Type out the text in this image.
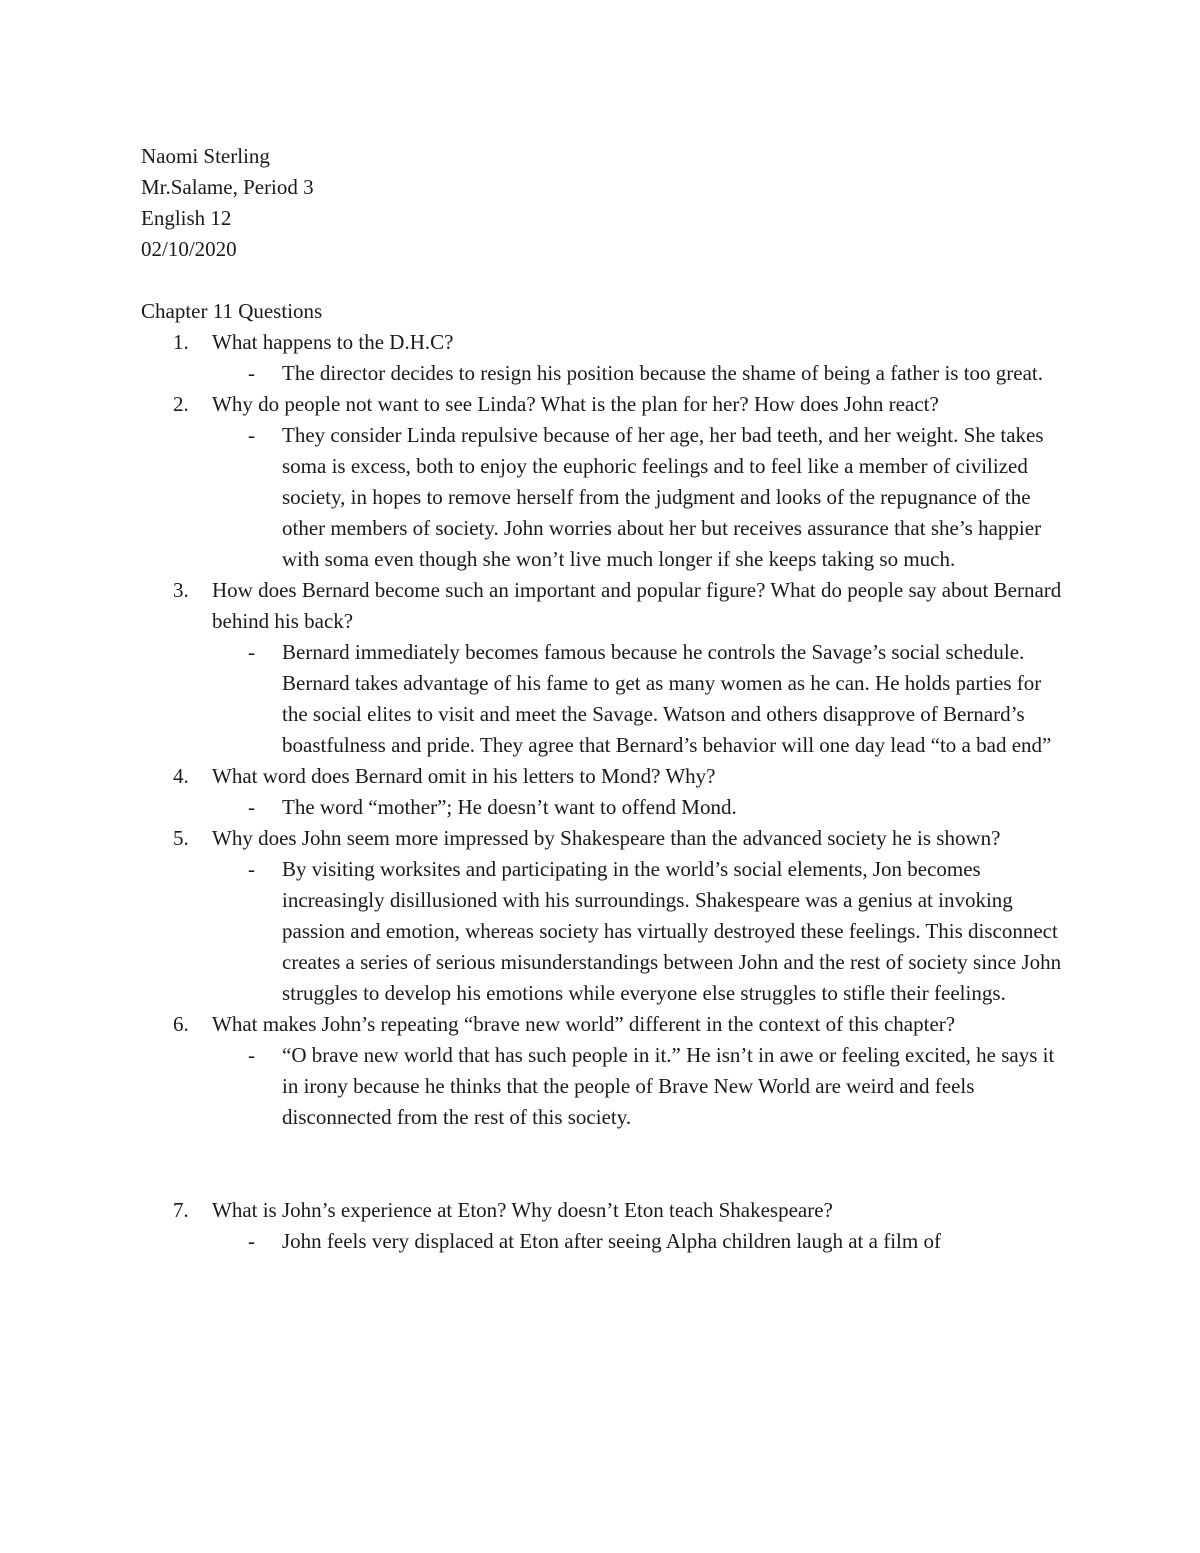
Naomi Sterling
Mr.Salame, Period 3
English 12
02/10/2020
Chapter 11 Questions
1. What happens to the D.H.C?
- The director decides to resign his position because the shame of being a father is too great.
2. Why do people not want to see Linda? What is the plan for her? How does John react?
- They consider Linda repulsive because of her age, her bad teeth, and her weight. She takes soma is excess, both to enjoy the euphoric feelings and to feel like a member of civilized society, in hopes to remove herself from the judgment and looks of the repugnance of the other members of society. John worries about her but receives assurance that she’s happier with soma even though she won’t live much longer if she keeps taking so much.
3. How does Bernard become such an important and popular figure? What do people say about Bernard behind his back?
- Bernard immediately becomes famous because he controls the Savage’s social schedule. Bernard takes advantage of his fame to get as many women as he can. He holds parties for the social elites to visit and meet the Savage. Watson and others disapprove of Bernard’s boastfulness and pride. They agree that Bernard’s behavior will one day lead “to a bad end”
4. What word does Bernard omit in his letters to Mond? Why?
- The word “mother”; He doesn’t want to offend Mond.
5. Why does John seem more impressed by Shakespeare than the advanced society he is shown?
- By visiting worksites and participating in the world’s social elements, Jon becomes increasingly disillusioned with his surroundings. Shakespeare was a genius at invoking passion and emotion, whereas society has virtually destroyed these feelings. This disconnect creates a series of serious misunderstandings between John and the rest of society since John struggles to develop his emotions while everyone else struggles to stifle their feelings.
6. What makes John’s repeating “brave new world” different in the context of this chapter?
- “O brave new world that has such people in it.” He isn’t in awe or feeling excited, he says it in irony because he thinks that the people of Brave New World are weird and feels disconnected from the rest of this society.
7. What is John’s experience at Eton? Why doesn’t Eton teach Shakespeare?
- John feels very displaced at Eton after seeing Alpha children laugh at a film of
